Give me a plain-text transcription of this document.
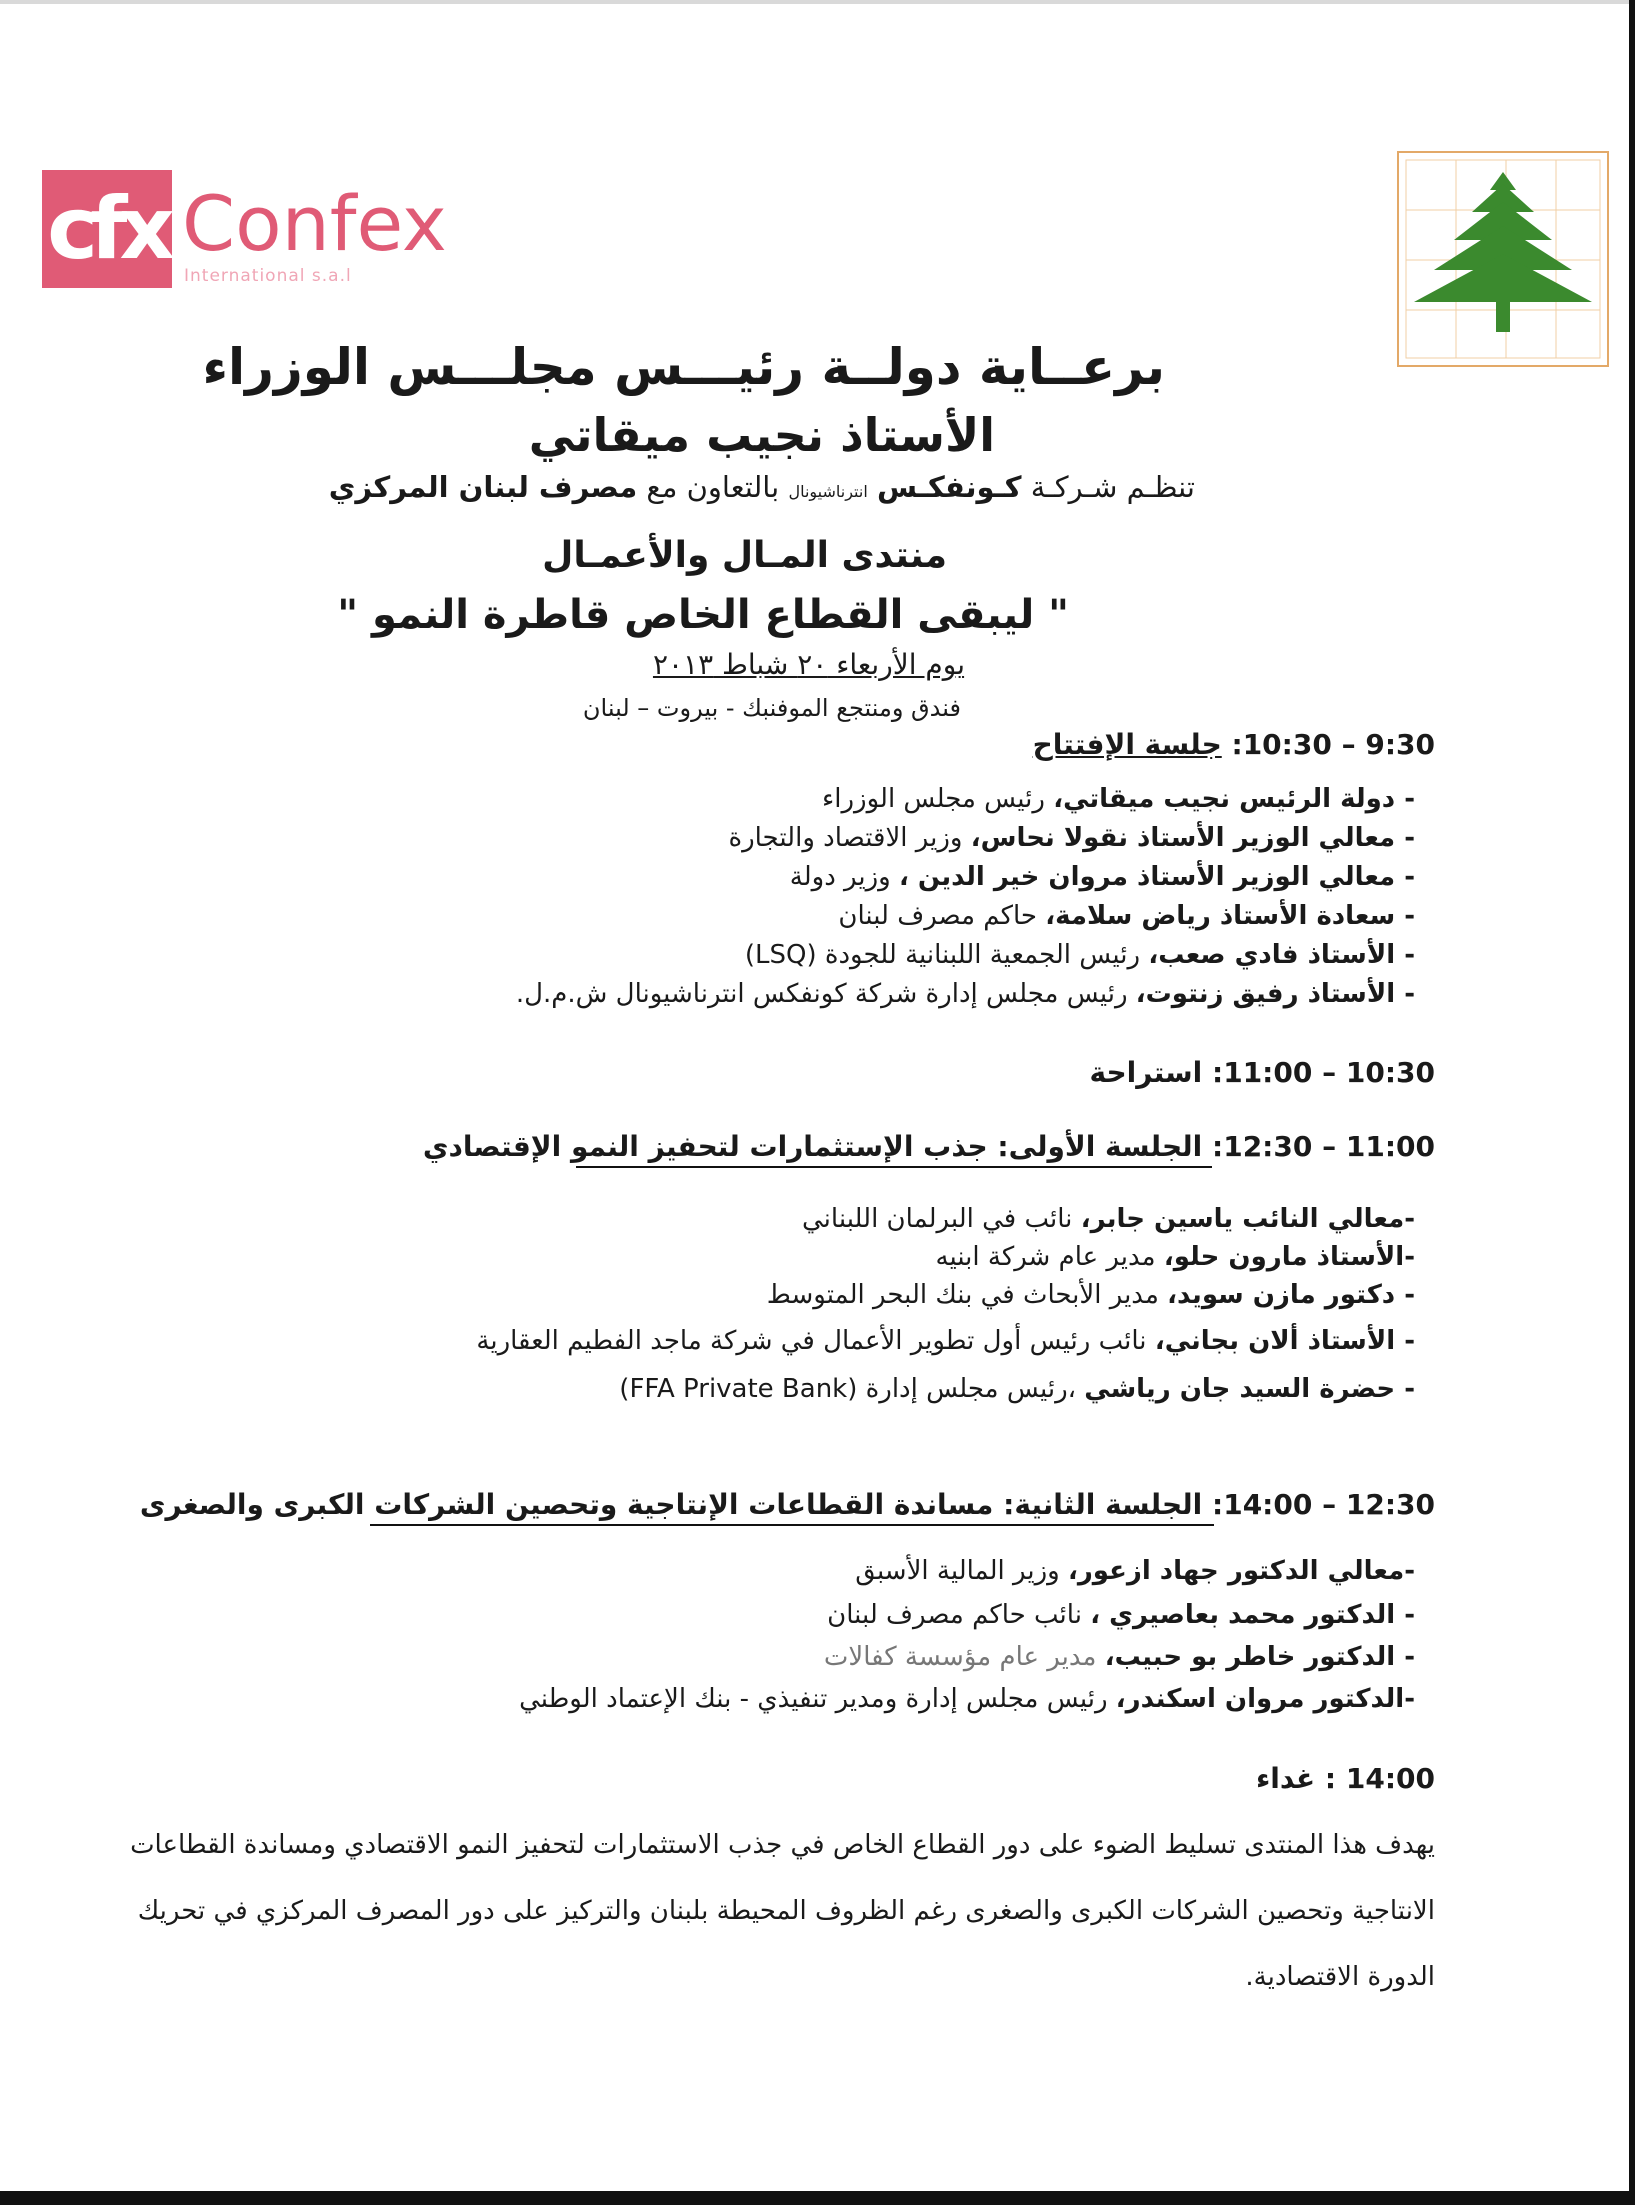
cfx Confex
International s.a.l
برعــاية دولــة رئيـــس مجلـــس الوزراء
الأستاذ نجيب ميقاتي
تنظـم شـركـة كـونفكـس انترناشيونال بالتعاون مع مصرف لبنان المركزي
منتدى المـال والأعمـال
" ليبقى القطاع الخاص قاطرة النمو "
يوم الأربعاء ٢٠ شباط ٢٠١٣
فندق ومنتجع الموفنبك - بيروت – لبنان
9:30 – 10:30: جلسة الإفتتاح
- دولة الرئيس نجيب ميقاتي، رئيس مجلس الوزراء
- معالي الوزير الأستاذ نقولا نحاس، وزير الاقتصاد والتجارة
- معالي الوزير الأستاذ مروان خير الدين ، وزير دولة
- سعادة الأستاذ رياض سلامة، حاكم مصرف لبنان
- الأستاذ فادي صعب، رئيس الجمعية اللبنانية للجودة (LSQ)
- الأستاذ رفيق زنتوت، رئيس مجلس إدارة شركة كونفكس انترناشيونال ش.م.ل.
10:30 – 11:00: استراحة
11:00 – 12:30: الجلسة الأولى: جذب الإستثمارات لتحفيز النمو الإقتصادي
-معالي النائب ياسين جابر، نائب في البرلمان اللبناني
-الأستاذ مارون حلو، مدير عام شركة ابنيه
- دكتور مازن سويد، مدير الأبحاث في بنك البحر المتوسط
- الأستاذ ألان بجاني، نائب رئيس أول تطوير الأعمال في شركة ماجد الفطيم العقارية
- حضرة السيد جان رياشي ،رئيس مجلس إدارة (FFA Private Bank)
12:30 – 14:00: الجلسة الثانية: مساندة القطاعات الإنتاجية وتحصين الشركات الكبرى والصغرى
-معالي الدكتور جهاد ازعور، وزير المالية الأسبق
- الدكتور محمد بعاصيري ، نائب حاكم مصرف لبنان
- الدكتور خاطر بو حبيب، مدير عام مؤسسة كفالات
-الدكتور مروان اسكندر، رئيس مجلس إدارة ومدير تنفيذي - بنك الإعتماد الوطني
14:00 : غداء
يهدف هذا المنتدى تسليط الضوء على دور القطاع الخاص في جذب الاستثمارات لتحفيز النمو الاقتصادي ومساندة القطاعات الانتاجية وتحصين الشركات الكبرى والصغرى رغم الظروف المحيطة بلبنان والتركيز على دور المصرف المركزي في تحريك الدورة الاقتصادية.
